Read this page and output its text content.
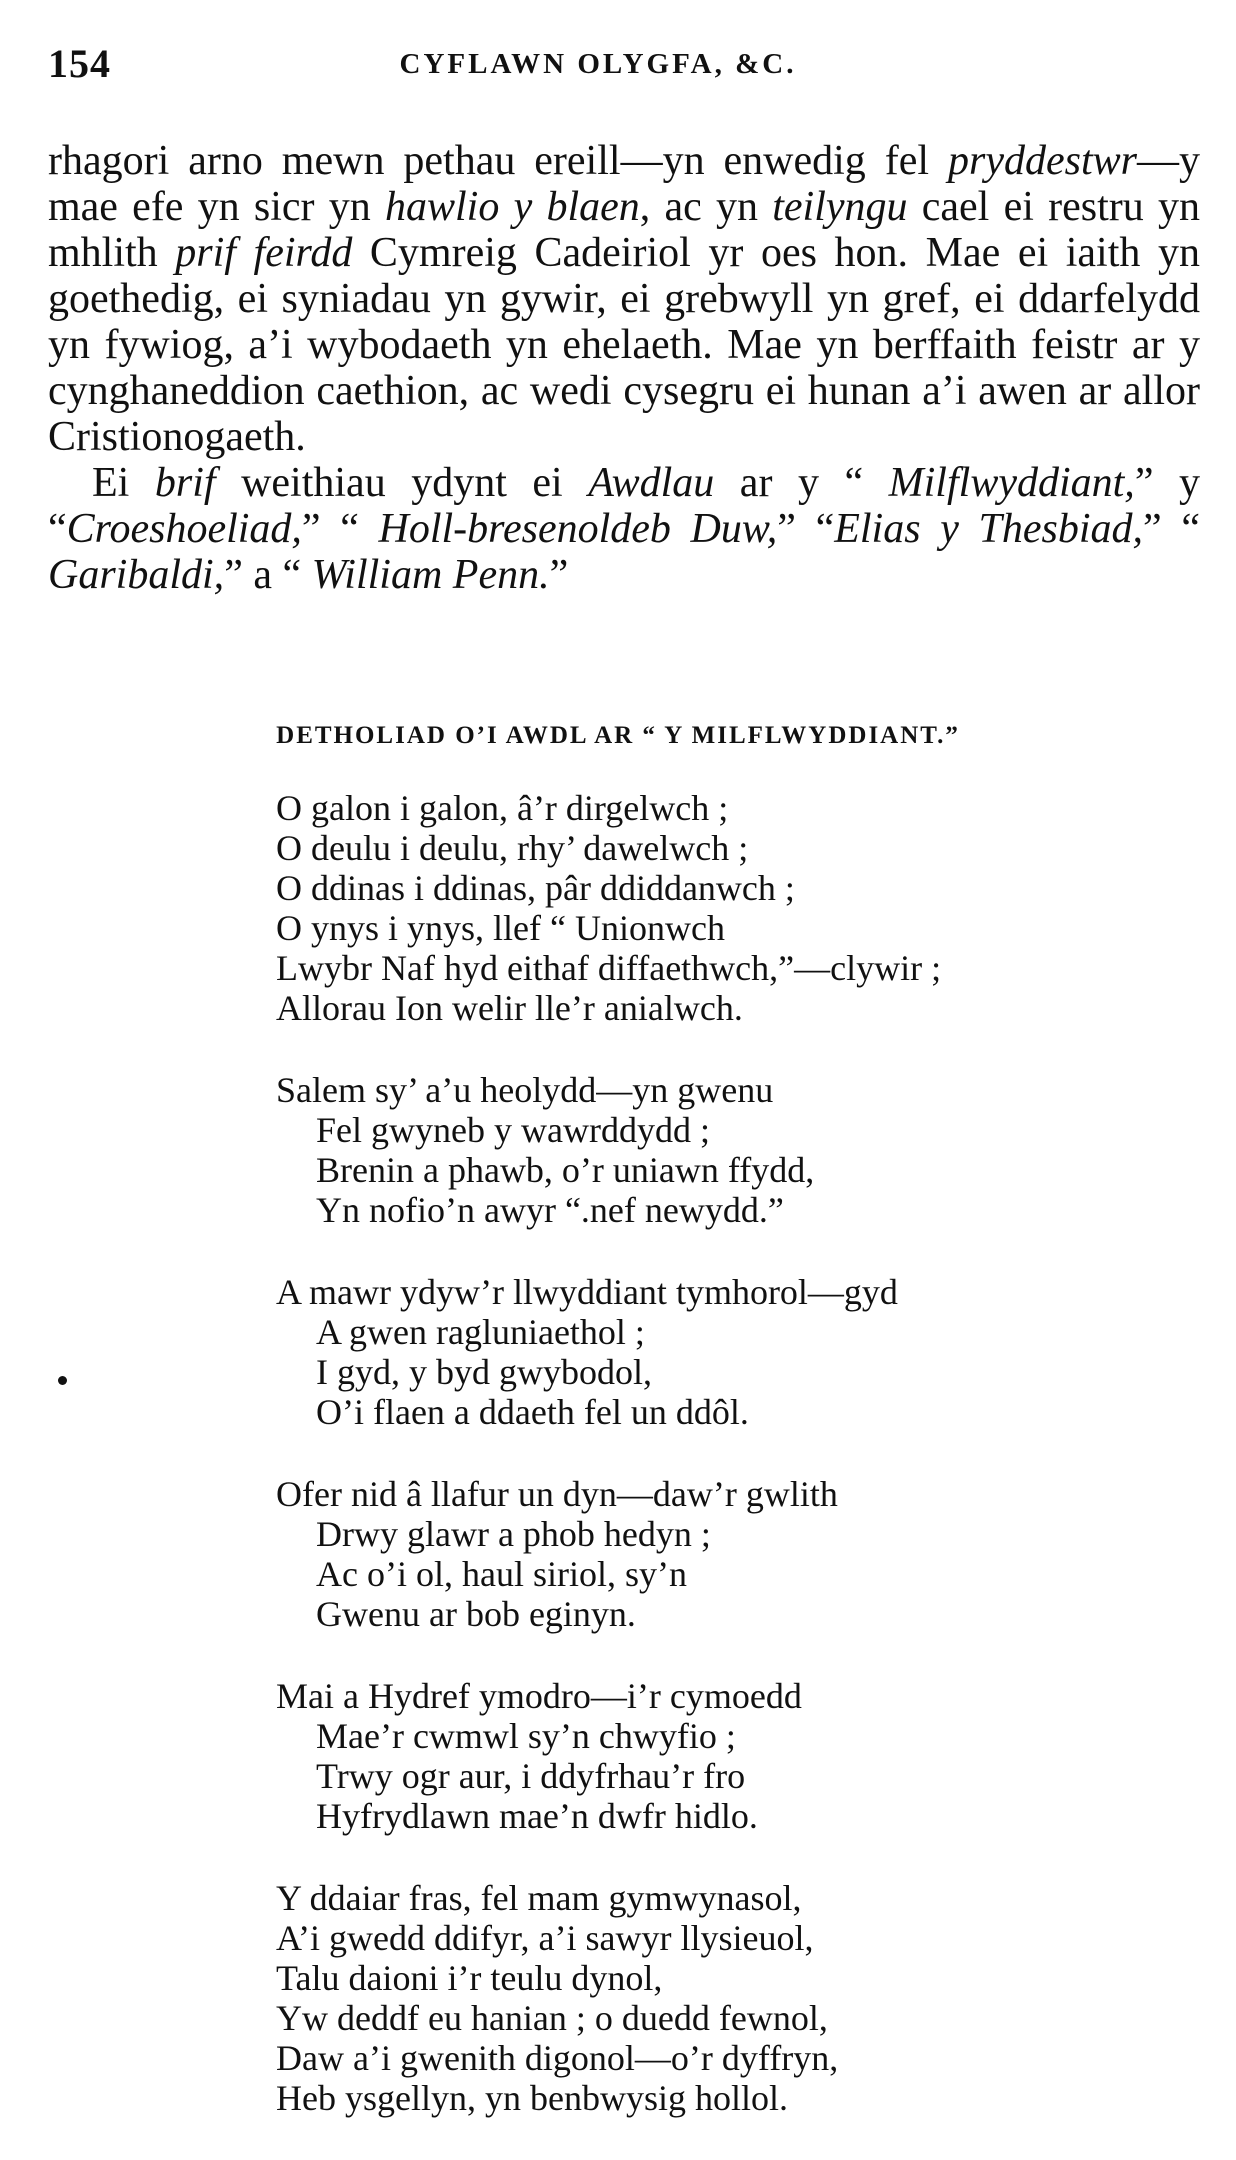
154	CYFLAWN OLYGFA, &C.

rhagori arno mewn pethau ereill—yn enwedig fel pryddestwr—y mae efe yn sicr yn hawlio y blaen, ac yn teilyngu cael ei restru yn mhlith prif feirdd Cymreig Cadeiriol yr oes hon. Mae ei iaith yn goethedig, ei syniadau yn gywir, ei grebwyll yn gref, ei ddarfelydd yn fywiog, a’i wybodaeth yn ehelaeth. Mae yn berffaith feistr ar y cynghaneddion caethion, ac wedi cysegru ei hunan a’i awen ar allor Cristionogaeth.

Ei brif weithiau ydynt ei Awdlau ar y “ Milflwyddiant,” y “Croeshoeliad,” “ Holl-bresenoldeb Duw,” “Elias y Thesbiad,” “ Garibaldi,” a “ William Penn.”

DETHOLIAD O’I AWDL AR “ Y MILFLWYDDIANT.”
O galon i galon, â’r dirgelwch ;
O deulu i deulu, rhy’ dawelwch ;
O ddinas i ddinas, pâr ddiddanwch ;
O ynys i ynys, llef “ Unionwch
Lwybr Naf hyd eithaf diffaethwch,”—clywir ;
Allorau Ion welir lle’r anialwch.
Salem sy’ a’u heolydd—yn gwenu
Fel gwyneb y wawrddydd ;
Brenin a phawb, o’r uniawn ffydd,
Yn nofio’n awyr “.nef newydd.”
A mawr ydyw’r llwyddiant tymhorol—gyd
A gwen ragluniaethol ;
I gyd, y byd gwybodol,
O’i flaen a ddaeth fel un ddôl.
Ofer nid â llafur un dyn—daw’r gwlith
Drwy glawr a phob hedyn ;
Ac o’i ol, haul siriol, sy’n
Gwenu ar bob eginyn.
Mai a Hydref ymodro—i’r cymoedd
Mae’r cwmwl sy’n chwyfio ;
Trwy ogr aur, i ddyfrhau’r fro
Hyfrydlawn mae’n dwfr hidlo.
Y ddaiar fras, fel mam gymwynasol,
A’i gwedd ddifyr, a’i sawyr llysieuol,
Talu daioni i’r teulu dynol,
Yw deddf eu hanian ; o duedd fewnol,
Daw a’i gwenith digonol—o’r dyffryn,
Heb ysgellyn, yn benbwysig hollol.
